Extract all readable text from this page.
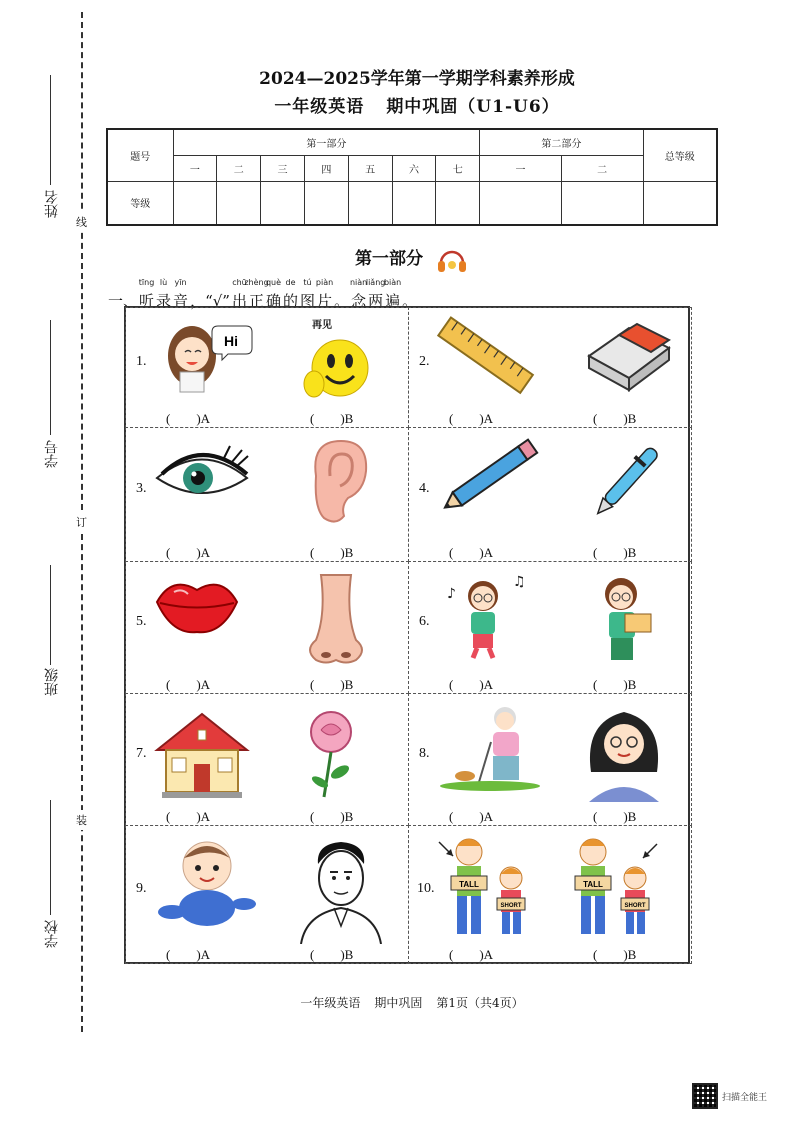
线
订
装
姓名
学号
班级
学校
2024—2025学年第一学期学科素养形成
一年级英语 期中巩固（U1-U6）
题号	第一部分							第二部分		总等级
	一	二	三	四	五	六	七	一	二	
等级										
第一部分
一、
tīng
听
lù
录
yīn
音 ，“√”
chū
出
zhèng
正
què
确
de
的
tú
图
piàn
片 。
niàn
念
liǎng
两
biàn
遍 。
1.
Hi
再见
(　　)A	(　　)B
2.
(　　)A	(　　)B
3.
(　　)A	(　　)B
4.
(　　)A	(　　)B
5.
(　　)A	(　　)B
6.
♪
♫
(　　)A	(　　)B
7.
(　　)A	(　　)B
8.
(　　)A	(　　)B
9.
(　　)A	(　　)B
10.	TALL
SHORT
TALL
SHORT
(　　)A	(　　)B
一年级英语 期中巩固 第1页（共4页）
扫描全能王
